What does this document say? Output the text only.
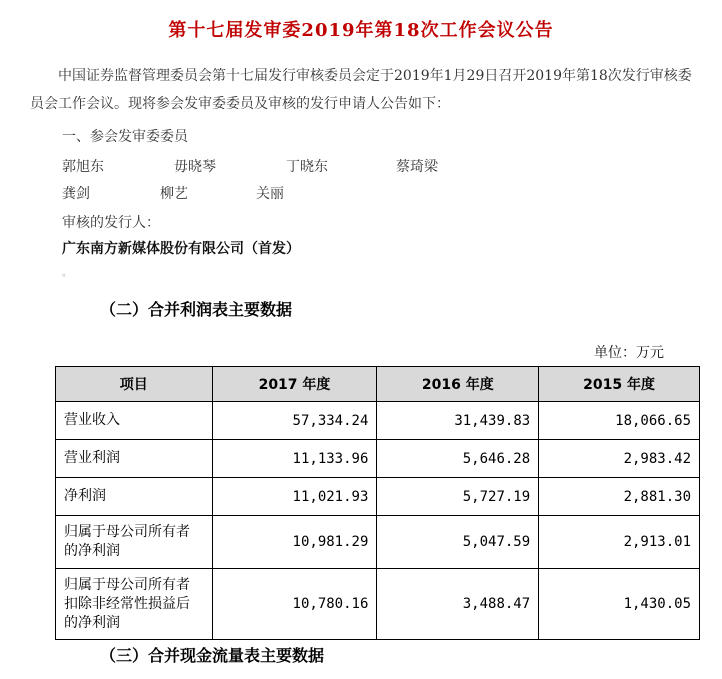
第十七届发审委2019年第18次工作会议公告
中国证券监督管理委员会第十七届发行审核委员会定于2019年1月29日召开2019年第18次发行审核委员会工作会议。现将参会发审委委员及审核的发行申请人公告如下：
一、参会发审委委员
郭旭东	毋晓琴	丁晓东	蔡琦梁
龚剑	柳艺	关丽
审核的发行人：
广东南方新媒体股份有限公司（首发）
。
（二）合并利润表主要数据
单位：万元
项目	2017 年度	2016 年度	2015 年度
营业收入	57,334.24	31,439.83	18,066.65
营业利润	11,133.96	5,646.28	2,983.42
净利润	11,021.93	5,727.19	2,881.30
归属于母公司所有者的净利润	10,981.29	5,047.59	2,913.01
归属于母公司所有者扣除非经常性损益后的净利润	10,780.16	3,488.47	1,430.05
（三）合并现金流量表主要数据
